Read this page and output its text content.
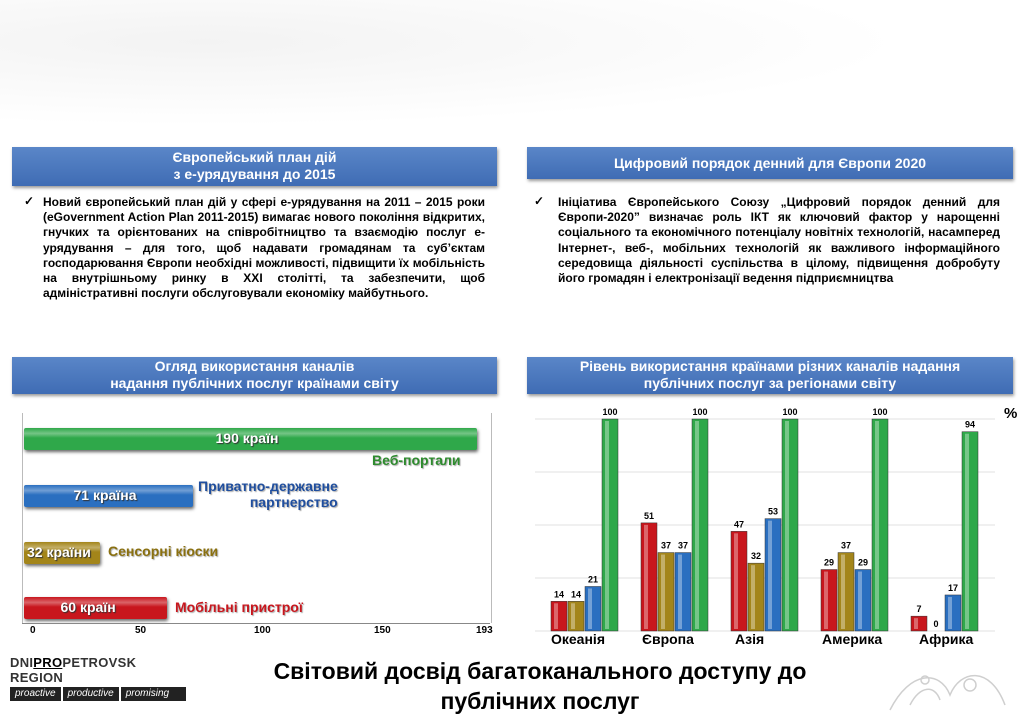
Європейський план дій
з е-урядування до 2015
✓ Новий європейський план дій у сфері е-урядування на 2011 – 2015 роки (eGovernment Action Plan 2011-2015) вимагає нового покоління відкритих, гнучких та орієнтованих на співробітництво та взаємодію послуг е-урядування – для того, щоб надавати громадянам та суб’єктам господарювання Європи необхідні можливості, підвищити їх мобільність на внутрішньому ринку в XXI столітті, та забезпечити, щоб адміністративні послуги обслуговували економіку майбутнього.
Цифровий порядок денний для Європи 2020
✓ Ініціатива Європейського Союзу „Цифровий порядок денний для Європи-2020” визначає роль ІКТ як ключовий фактор у нарощенні соціального та економічного потенціалу новітніх технологій, насамперед Інтернет-, веб-, мобільних технологій як важливого інформаційного середовища діяльності суспільства в цілому, підвищення добробуту його громадян і електронізації ведення підприємництва
Огляд використання каналів
надання публічних послуг країнами світу
Рівень використання країнами різних каналів надання
публічних послуг за регіонами світу
190 країн
Веб-портали
71 країна
Приватно-державне
партнерство
32 країни Сенсорні кіоски
60 країн	Мобільні пристрої
0	50	100	150	193
14 14
21
100
51
37 37
100
47
32
53
100
29
37
29
100
7
0
17
94
%
Океанія	Європа	Азія	Америка	Африка
DNIPROPETROVSK REGION
proactive	productive	promising
Світовий досвід багатоканального доступу до
публічних послуг
